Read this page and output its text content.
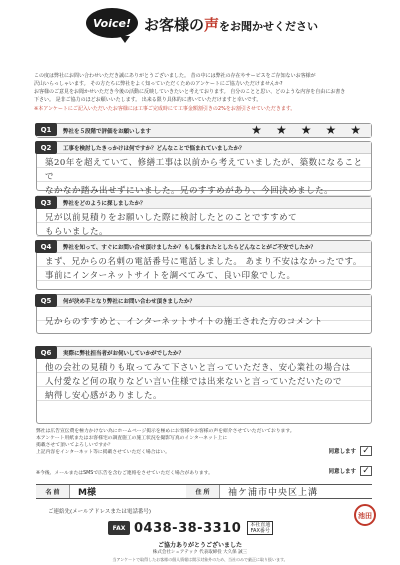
Voice! お客様の声をお聞かせください
この度は弊社にお問い合わせいただき誠にありがとうございました。 昔の中には弊社の存在やサービスをご存知ないお客様が
沢山いらっしゃいます。 その方たちに弊社をよく知っていただくためのアンケートにご協力いただけませんか?
お客様のご意見をお聞かせいただき今後の活動に反映していきたいと考えております。 自分のことと思い、どのような内容を自由にお書き
下さい。 是非ご協力のほどお願いいたします。 出来る限り具体的に書いていただけますと幸いです。
※本アンケートにご記入いただいたお客様には工事ご完成時にて工事金額割引きの2%をお割引させていただきます。
Q1	弊社を５段階で評価をお願いします	★ ★ ★ ★ ★
Q2	工事を検討したきっかけは何ですか？どんなことで悩まれていましたか？
築20年を超えていて、修繕工事は以前から考えていましたが、築数になることで
なかなか踏み出せずにいました。兄のすすめがあり、今回決めました。
Q3	弊社をどのように探しましたか？
兄が以前見積りをお願いした際に検討したとのことですすめて
もらいました。
Q4	弊社を知って、すぐにお問い合せ頂けましたか？もし悩まれたとしたらどんなことがご不安でしたか？
まず、兄からの名刺の電話番号に電話しました。 あまり不安はなかったです。
事前にインターネットサイトを調べてみて、良い印象でした。
Q5	何が決め手となり弊社にお問い合わせ頂きましたか？
兄からのすすめと、インターネットサイトの施工された方のコメント
Q6	実際に弊社担当者がお伺いしていかがでしたか？
他の会社の見積りも取ってみて下さいと言っていただき、安心業社の場合は
人付愛など何の取りなどい言い住様では出来ないと言っていただいたので
納得し安心感がありました。
弊社は広告宣伝費を極力かけない為にホームページ掲示を極めにお客様やお客様の声を紹介させていただいております。
本アンケート用紙またはお客様宅の調査施工の施工状況を撮影写真のインターネット上に
掲載させて頂いてよろしいですか？
上記内容をインターネット等に掲載させていただく場合はい。	同意します ✓
※今後、メールまたはSMSで広告を含むご連絡をさせていただく場合があります。	同意します ✓
名 前	M様	住 所	袖ケ浦市中央区上溝
ご連絡先(メールアドレスまたは電話番号)
FAX 0438-38-3310 本社直通
FAX番号
池田
ご協力ありがとうございました
株式会社シュアテック 代表取締役 大久保 誠三
当アンケートで取得したお客様の個人情報は開示対象外のため、当社のみで厳正に取り扱います。
